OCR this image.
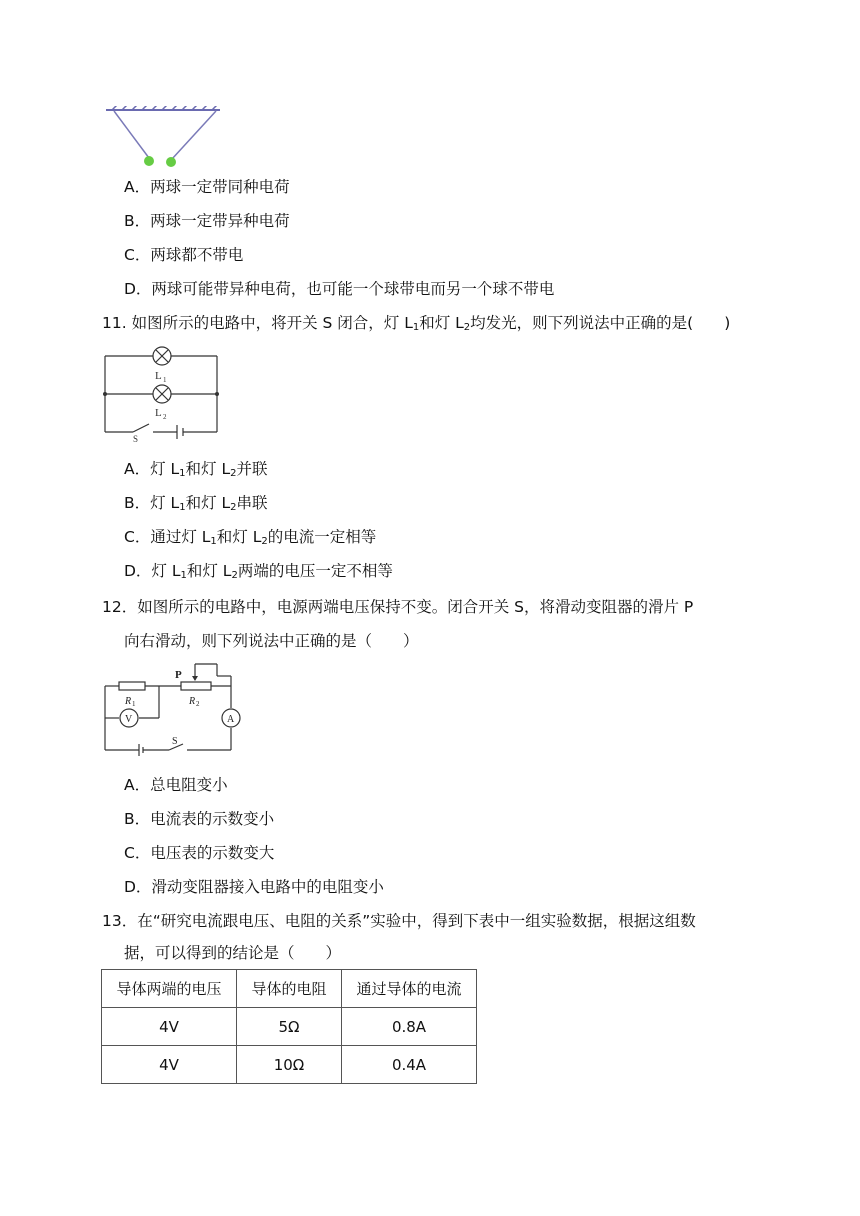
A．两球一定带同种电荷
B．两球一定带异种电荷
C．两球都不带电
D．两球可能带异种电荷，也可能一个球带电而另一个球不带电
11. 如图所示的电路中，将开关 S 闭合，灯 $L_1$和灯 $L_2$均发光，则下列说法中正确的是(　　)
L 1
L 2
S
A．灯 $L_1$和灯 $L_2$并联
B．灯 $L_1$和灯 $L_2$串联
C．通过灯 $L_1$和灯 $L_2$的电流一定相等
D．灯 $L_1$和灯 $L_2$两端的电压一定不相等
12．如图所示的电路中，电源两端电压保持不变。闭合开关 S，将滑动变阻器的滑片 P
向右滑动，则下列说法中正确的是（　　）
P
R 1	R 2
V	A
S
A．总电阻变小
B．电流表的示数变小
C．电压表的示数变大
D．滑动变阻器接入电路中的电阻变小
13．在“研究电流跟电压、电阻的关系”实验中，得到下表中一组实验数据，根据这组数
据，可以得到的结论是（　　）
导体两端的电压	导体的电阻	通过导体的电流
4V	5Ω	0.8A
4V	10Ω	0.4A
